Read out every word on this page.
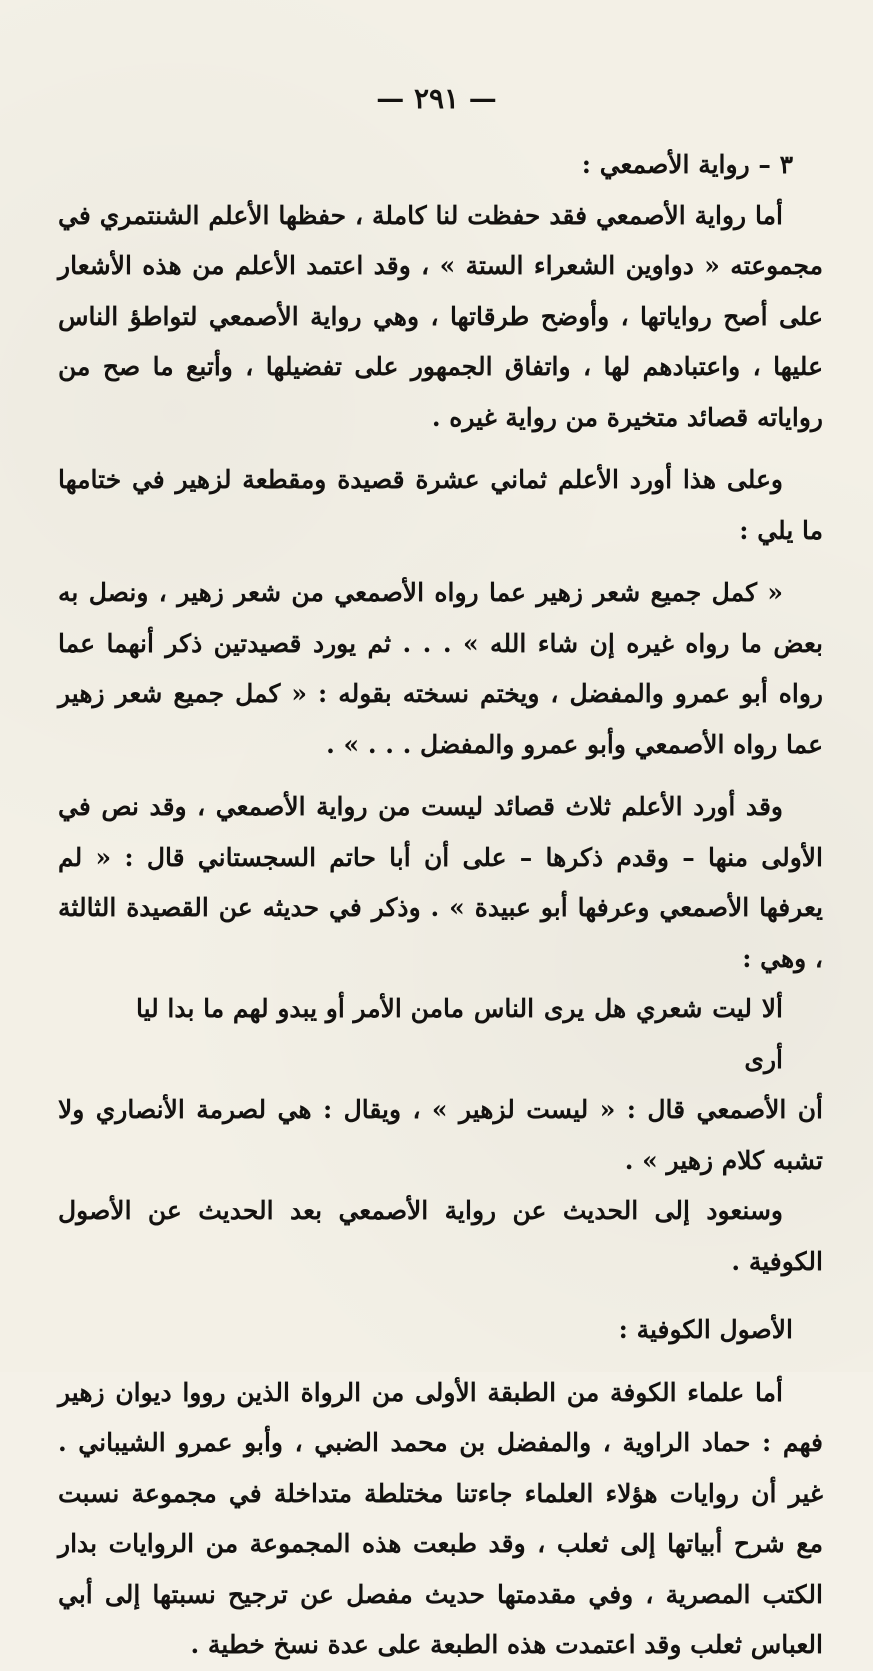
— ٢٩١ —

٣ – رواية الأصمعي :

أما رواية الأصمعي فقد حفظت لنا كاملة ، حفظها الأعلم الشنتمري في مجموعته « دواوين الشعراء الستة » ، وقد اعتمد الأعلم من هذه الأشعار على أصح رواياتها ، وأوضح طرقاتها ، وهي رواية الأصمعي لتواطؤ الناس عليها ، واعتبادهم لها ، واتفاق الجمهور على تفضيلها ، وأتبع ما صح من رواياته قصائد متخيرة من رواية غيره .

وعلى هذا أورد الأعلم ثماني عشرة قصيدة ومقطعة لزهير في ختامها ما يلي :

« كمل جميع شعر زهير عما رواه الأصمعي من شعر زهير ، ونصل به بعض ما رواه غيره إن شاء الله » . . . ثم يورد قصيدتين ذكر أنهما عما رواه أبو عمرو والمفضل ، ويختم نسخته بقوله : « كمل جميع شعر زهير عما رواه الأصمعي وأبو عمرو والمفضل . . . » .

وقد أورد الأعلم ثلاث قصائد ليست من رواية الأصمعي ، وقد نص في الأولى منها – وقدم ذكرها – على أن أبا حاتم السجستاني قال : « لم يعرفها الأصمعي وعرفها أبو عبيدة » . وذكر في حديثه عن القصيدة الثالثة ، وهي :

ألا ليت شعري هل يرى الناس ما أرى
من الأمر أو يبدو لهم ما بدا ليا

أن الأصمعي قال : « ليست لزهير » ، ويقال : هي لصرمة الأنصاري ولا تشبه كلام زهير » .

وسنعود إلى الحديث عن رواية الأصمعي بعد الحديث عن الأصول الكوفية .

الأصول الكوفية :

أما علماء الكوفة من الطبقة الأولى من الرواة الذين رووا ديوان زهير فهم : حماد الراوية ، والمفضل بن محمد الضبي ، وأبو عمرو الشيباني . غير أن روايات هؤلاء العلماء جاءتنا مختلطة متداخلة في مجموعة نسبت مع شرح أبياتها إلى ثعلب ، وقد طبعت هذه المجموعة من الروايات بدار الكتب المصرية ، وفي مقدمتها حديث مفصل عن ترجيح نسبتها إلى أبي العباس ثعلب وقد اعتمدت هذه الطبعة على عدة نسخ خطية .
